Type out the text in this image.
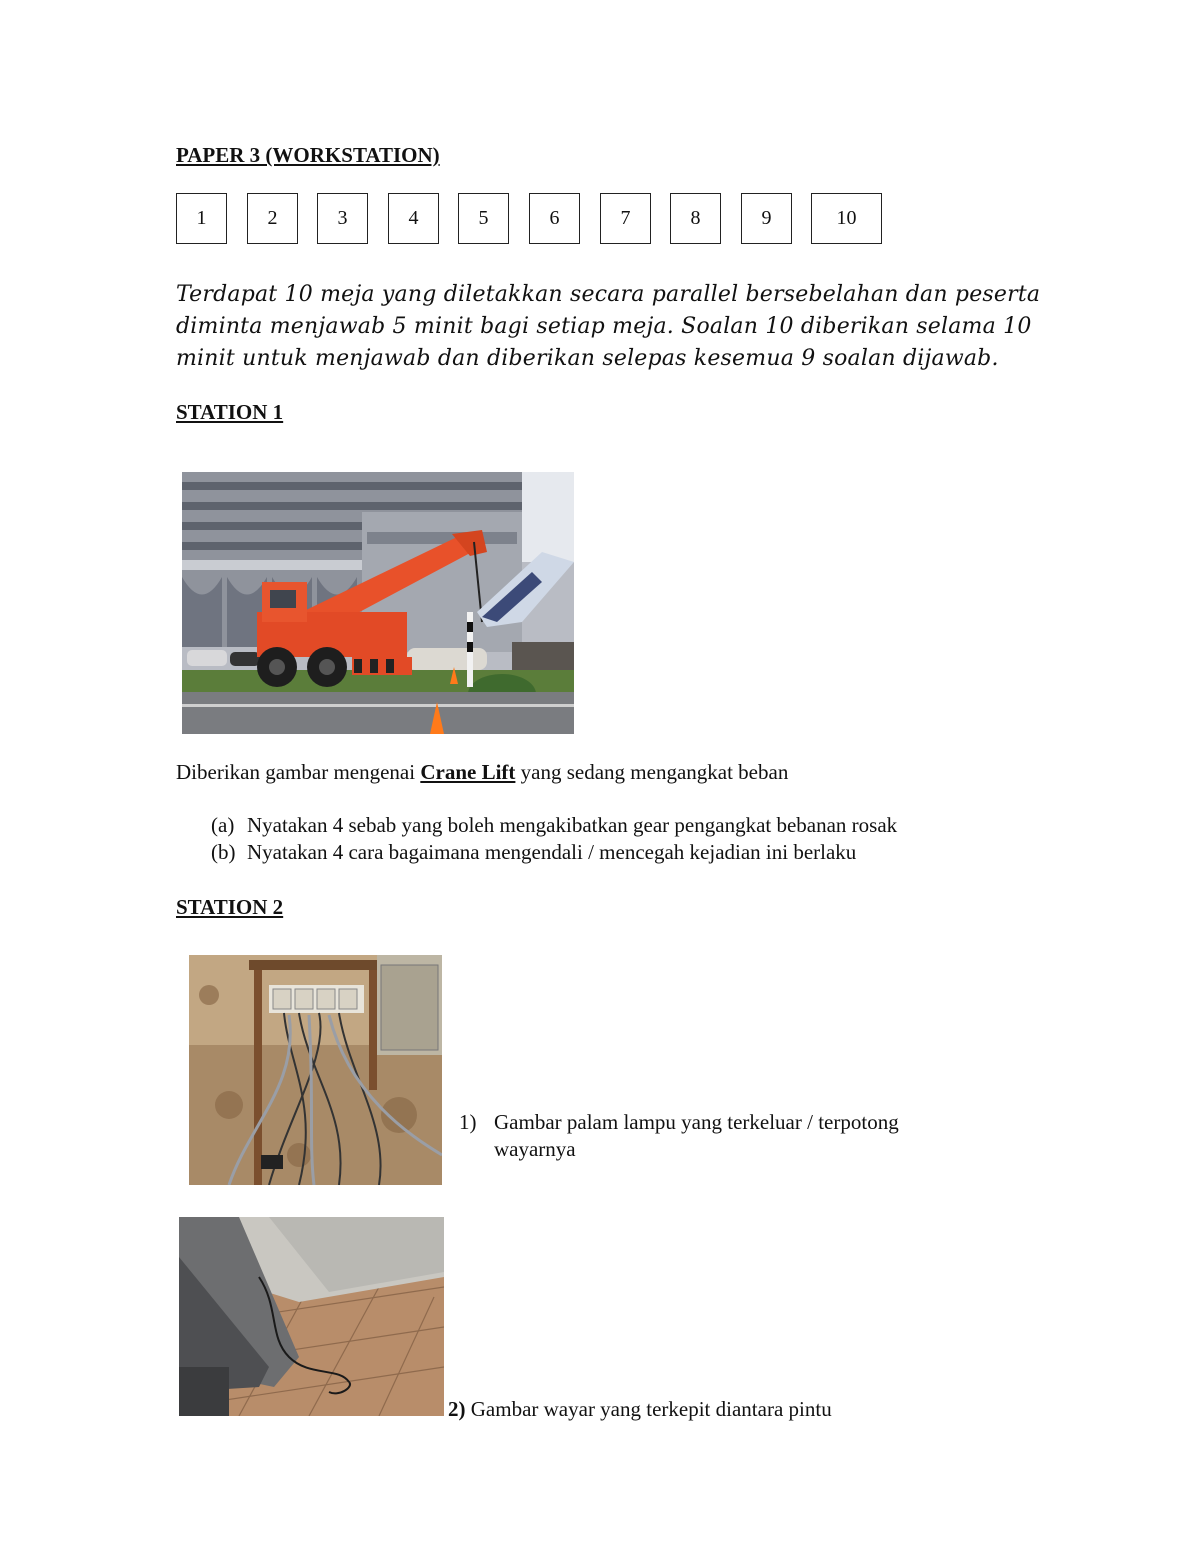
PAPER 3 (WORKSTATION)
1	2	3	4	5	6	7	8	9	10
Terdapat 10 meja yang diletakkan secara parallel bersebelahan dan peserta diminta menjawab 5 minit bagi setiap meja. Soalan 10 diberikan selama 10 minit untuk menjawab dan diberikan selepas kesemua 9 soalan dijawab.
STATION 1
Diberikan gambar mengenai Crane Lift yang sedang mengangkat beban
(a) Nyatakan 4 sebab yang boleh mengakibatkan gear pengangkat bebanan rosak
(b) Nyatakan 4 cara bagaimana mengendali / mencegah kejadian ini berlaku
STATION 2
1) Gambar palam lampu yang terkeluar / terpotong
wayarnya
2) Gambar wayar yang terkepit diantara pintu
